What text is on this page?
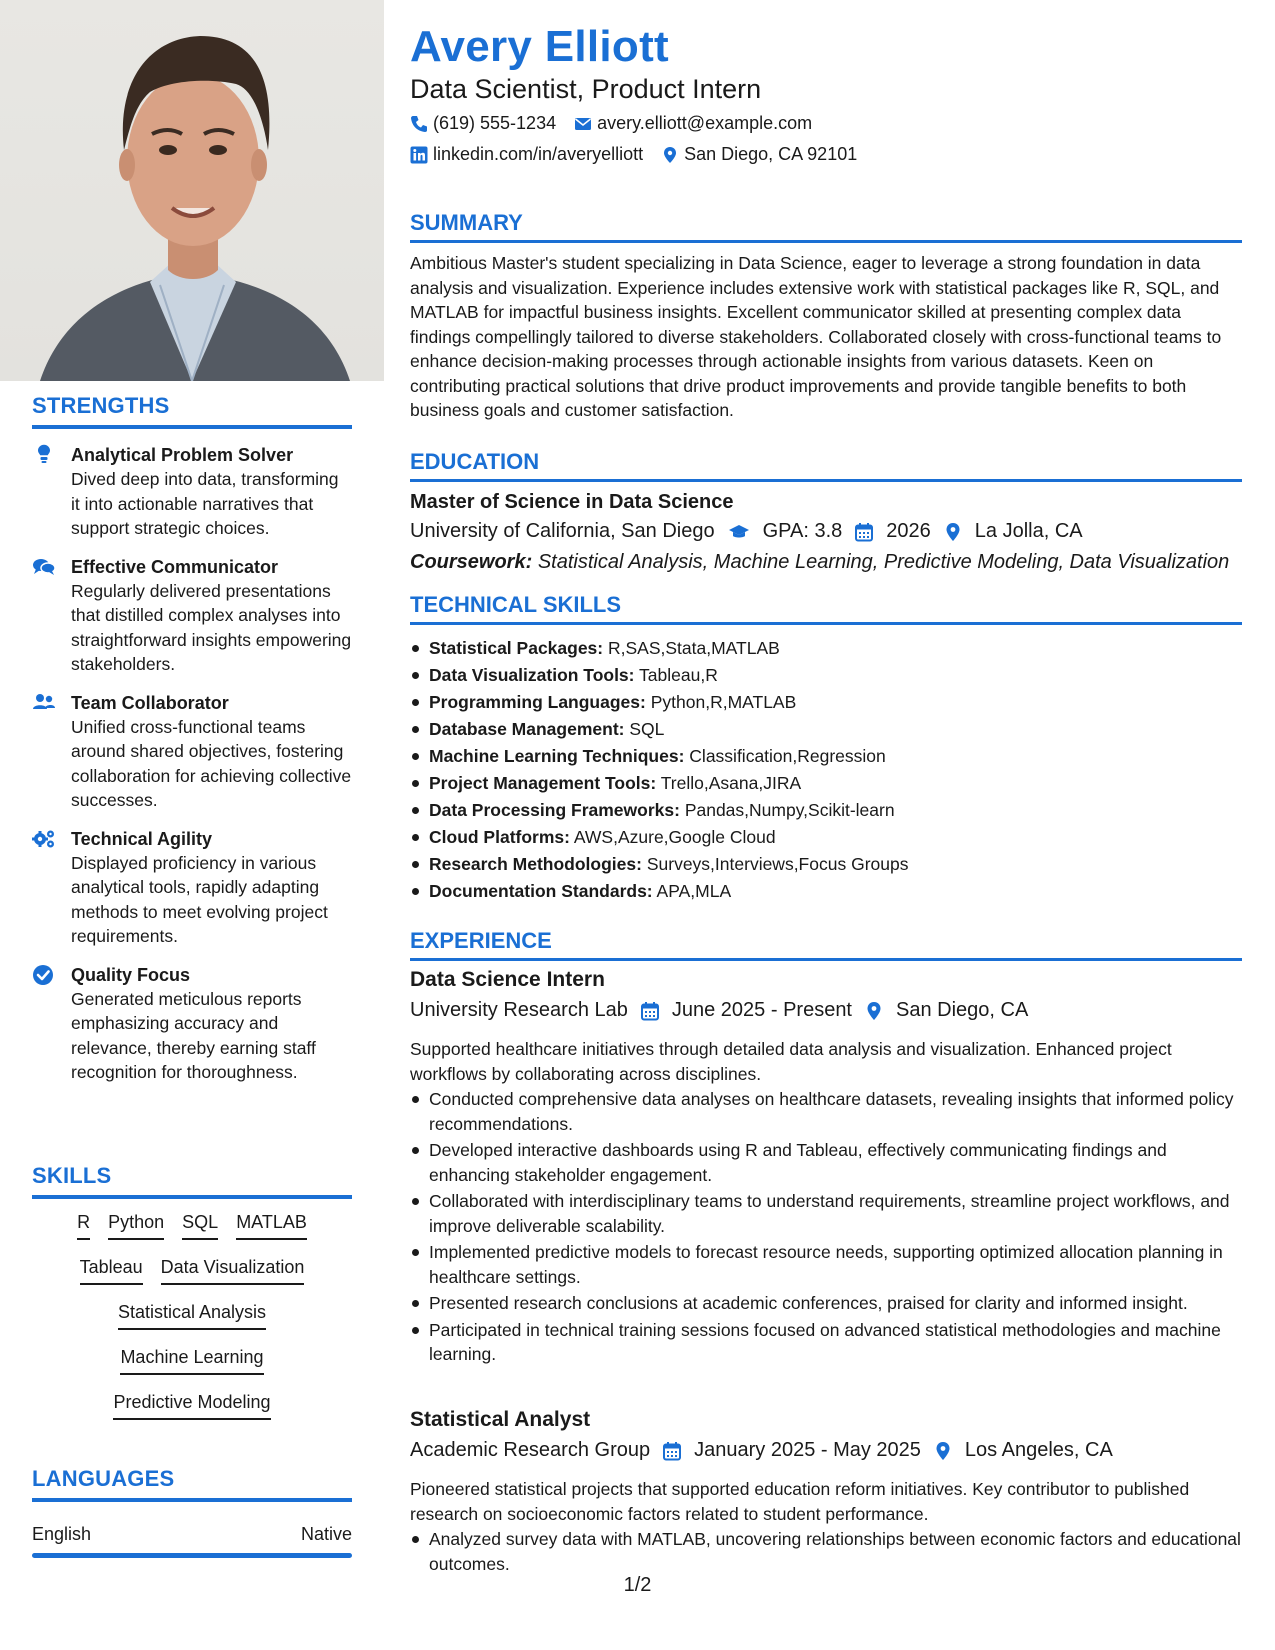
STRENGTHS
Analytical Problem Solver
Dived deep into data, transforming it into actionable narratives that support strategic choices.
Effective Communicator
Regularly delivered presentations that distilled complex analyses into straightforward insights empowering stakeholders.
Team Collaborator
Unified cross-functional teams around shared objectives, fostering collaboration for achieving collective successes.
Technical Agility
Displayed proficiency in various analytical tools, rapidly adapting methods to meet evolving project requirements.
Quality Focus
Generated meticulous reports emphasizing accuracy and relevance, thereby earning staff recognition for thoroughness.
SKILLS
R Python SQL MATLAB
Tableau Data Visualization
Statistical Analysis
Machine Learning
Predictive Modeling
LANGUAGES
English	Native
Avery Elliott
Data Scientist, Product Intern
(619) 555-1234 avery.elliott@example.com
linkedin.com/in/averyelliott San Diego, CA 92101
SUMMARY
Ambitious Master's student specializing in Data Science, eager to leverage a strong foundation in data analysis and visualization. Experience includes extensive work with statistical packages like R, SQL, and MATLAB for impactful business insights. Excellent communicator skilled at presenting complex data findings compellingly tailored to diverse stakeholders. Collaborated closely with cross-functional teams to enhance decision-making processes through actionable insights from various datasets. Keen on contributing practical solutions that drive product improvements and provide tangible benefits to both business goals and customer satisfaction.
EDUCATION
Master of Science in Data Science
University of California, San Diego GPA: 3.8 2026 La Jolla, CA
Coursework: Statistical Analysis, Machine Learning, Predictive Modeling, Data Visualization
TECHNICAL SKILLS
Statistical Packages: R,SAS,Stata,MATLAB
Data Visualization Tools: Tableau,R
Programming Languages: Python,R,MATLAB
Database Management: SQL
Machine Learning Techniques: Classification,Regression
Project Management Tools: Trello,Asana,JIRA
Data Processing Frameworks: Pandas,Numpy,Scikit-learn
Cloud Platforms: AWS,Azure,Google Cloud
Research Methodologies: Surveys,Interviews,Focus Groups
Documentation Standards: APA,MLA
EXPERIENCE
Data Science Intern
University Research Lab June 2025 - Present San Diego, CA
Supported healthcare initiatives through detailed data analysis and visualization. Enhanced project workflows by collaborating across disciplines.
Conducted comprehensive data analyses on healthcare datasets, revealing insights that informed policy recommendations.
Developed interactive dashboards using R and Tableau, effectively communicating findings and enhancing stakeholder engagement.
Collaborated with interdisciplinary teams to understand requirements, streamline project workflows, and improve deliverable scalability.
Implemented predictive models to forecast resource needs, supporting optimized allocation planning in healthcare settings.
Presented research conclusions at academic conferences, praised for clarity and informed insight.
Participated in technical training sessions focused on advanced statistical methodologies and machine learning.
Statistical Analyst
Academic Research Group January 2025 - May 2025 Los Angeles, CA
Pioneered statistical projects that supported education reform initiatives. Key contributor to published research on socioeconomic factors related to student performance.
Analyzed survey data with MATLAB, uncovering relationships between economic factors and educational outcomes.
1/2
